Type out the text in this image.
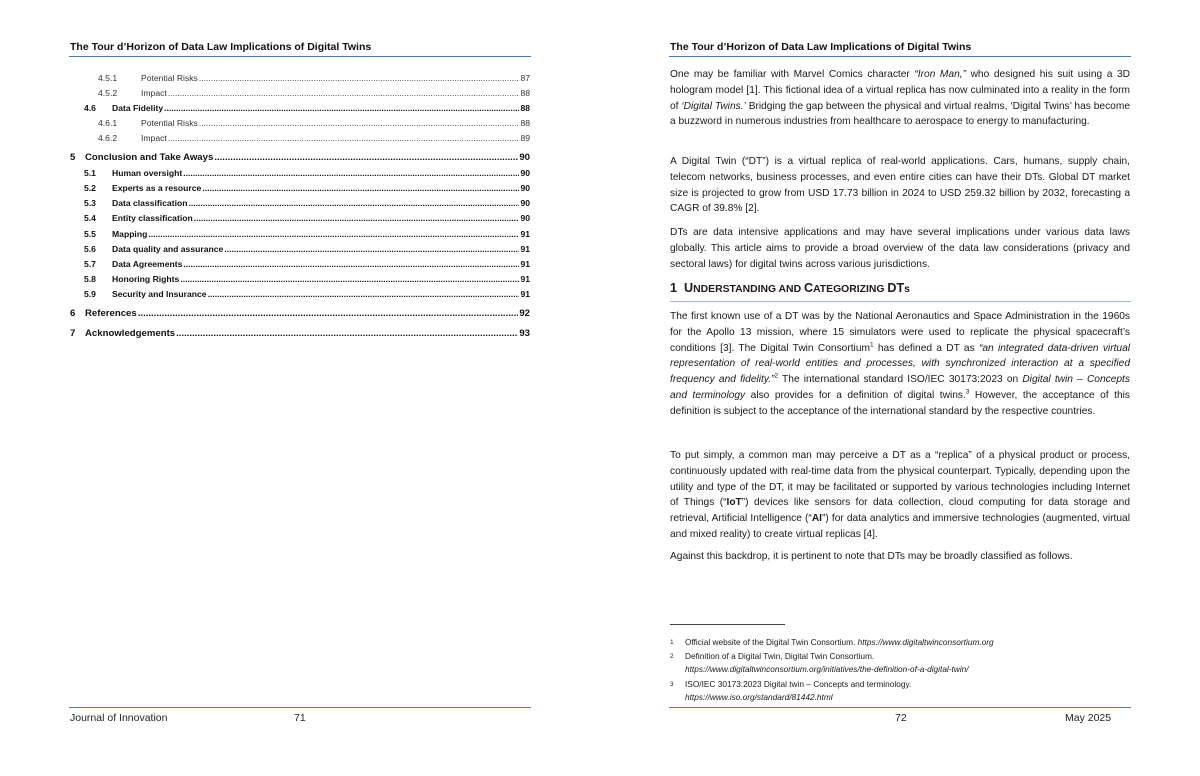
The Tour d’Horizon of Data Law Implications of Digital Twins
4.5.1	Potential Risks .....	87
4.5.2	Impact .....	88
4.6	Data Fidelity .....	88
4.6.1	Potential Risks .....	88
4.6.2	Impact .....	89
5	Conclusion and Take Aways .....	90
5.1	Human oversight .....	90
5.2	Experts as a resource .....	90
5.3	Data classification .....	90
5.4	Entity classification .....	90
5.5	Mapping .....	91
5.6	Data quality and assurance .....	91
5.7	Data Agreements .....	91
5.8	Honoring Rights .....	91
5.9	Security and Insurance .....	91
6	References .....	92
7	Acknowledgements .....	93
Journal of Innovation	71
The Tour d’Horizon of Data Law Implications of Digital Twins
72	May 2025

One may be familiar with Marvel Comics character “Iron Man,” who designed his suit using a 3D hologram model [1]. This fictional idea of a virtual replica has now culminated into a reality in the form of ‘Digital Twins.’ Bridging the gap between the physical and virtual realms, ‘Digital Twins’ has become a buzzword in numerous industries from healthcare to aerospace to energy to manufacturing.

A Digital Twin (“DT”) is a virtual replica of real-world applications. Cars, humans, supply chain, telecom networks, business processes, and even entire cities can have their DTs. Global DT market size is projected to grow from USD 17.73 billion in 2024 to USD 259.32 billion by 2032, forecasting a CAGR of 39.8% [2].

DTs are data intensive applications and may have several implications under various data laws globally. This article aims to provide a broad overview of the data law considerations (privacy and sectoral laws) for digital twins across various jurisdictions.

1 UNDERSTANDING AND CATEGORIZING DTs

The first known use of a DT was by the National Aeronautics and Space Administration in the 1960s for the Apollo 13 mission, where 15 simulators were used to replicate the physical spacecraft’s conditions [3]. The Digital Twin Consortium$^1$ has defined a DT as “an integrated data-driven virtual representation of real-world entities and processes, with synchronized interaction at a specified frequency and fidelity.”$^2$ The international standard ISO/IEC 30173:2023 on Digital twin – Concepts and terminology also provides for a definition of digital twins.$^3$ However, the acceptance of this definition is subject to the acceptance of the international standard by the respective countries.

To put simply, a common man may perceive a DT as a “replica” of a physical product or process, continuously updated with real-time data from the physical counterpart. Typically, depending upon the utility and type of the DT, it may be facilitated or supported by various technologies including Internet of Things (“IoT”) devices like sensors for data collection, cloud computing for data storage and retrieval, Artificial Intelligence (“AI”) for data analytics and immersive technologies (augmented, virtual and mixed reality) to create virtual replicas [4].

Against this backdrop, it is pertinent to note that DTs may be broadly classified as follows.

1 Official website of the Digital Twin Consortium. https://www.digitaltwinconsortium.org
2 Definition of a Digital Twin, Digital Twin Consortium.
https://www.digitaltwinconsortium.org/initiatives/the-definition-of-a-digital-twin/
3 ISO/IEC 30173:2023 Digital twin – Concepts and terminology.
https://www.iso.org/standard/81442.html
